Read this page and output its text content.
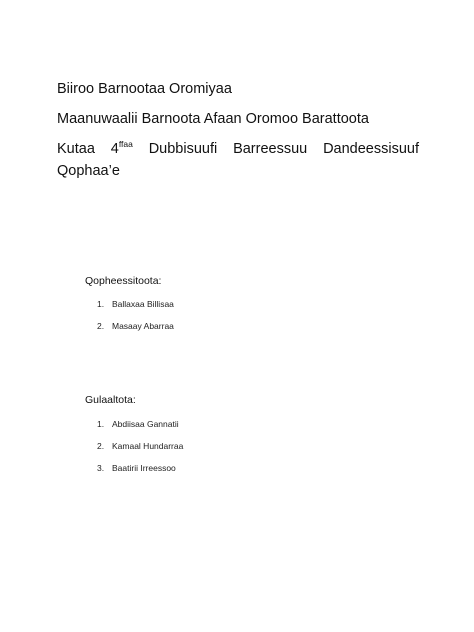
Biiroo Barnootaa Oromiyaa
Maanuwaalii Barnoota Afaan Oromoo Barattoota
Kutaa $4^{ffaa}$ Dubbisuufi Barreessuu Dandeessisuuf
Qophaa’e
Qopheessitoota:
1. Ballaxaa Billisaa
2. Masaay Abarraa
Gulaaltota:
1. Abdiisaa Gannatii
2. Kamaal Hundarraa
3. Baatirii Irreessoo
